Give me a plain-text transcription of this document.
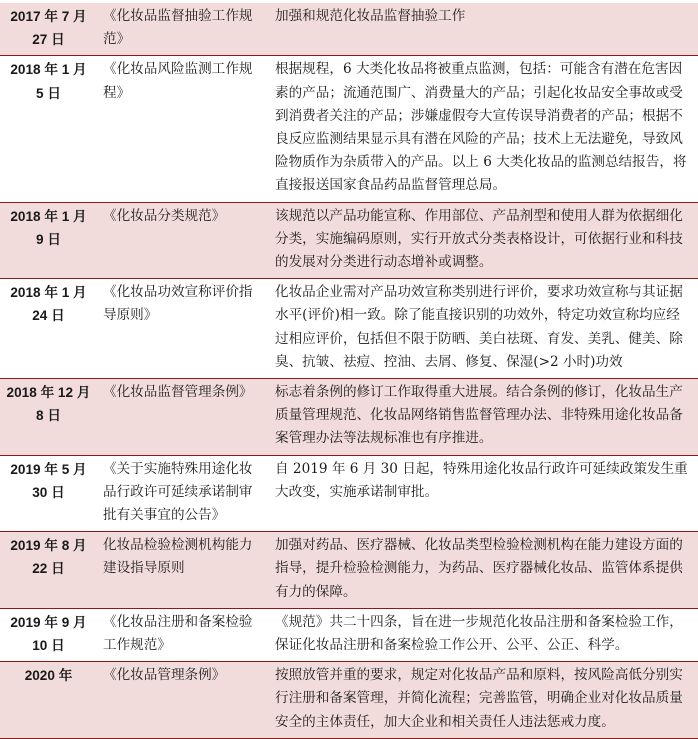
2017 年 7 月 27 日	《化妆品监督抽验工作规范》	加强和规范化妆品监督抽验工作

2018 年 1 月 5 日	《化妆品风险监测工作规程》	根据规程，6 大类化妆品将被重点监测，包括：可能含有潜在危害因素的产品；流通范围广、消费量大的产品；引起化妆品安全事故或受到消费者关注的产品；涉嫌虚假夸大宣传误导消费者的产品；根据不良反应监测结果显示具有潜在风险的产品；技术上无法避免，导致风险物质作为杂质带入的产品。以上 6 大类化妆品的监测总结报告，将直接报送国家食品药品监督管理总局。

2018 年 1 月 9 日	《化妆品分类规范》	该规范以产品功能宣称、作用部位、产品剂型和使用人群为依据细化分类，实施编码原则，实行开放式分类表格设计，可依据行业和科技的发展对分类进行动态增补或调整。

2018 年 1 月 24 日	《化妆品功效宣称评价指导原则》	化妆品企业需对产品功效宣称类别进行评价，要求功效宣称与其证据水平(评价)相一致。除了能直接识别的功效外，特定功效宣称均应经过相应评价，包括但不限于防晒、美白祛斑、育发、美乳、健美、除臭、抗皱、祛痘、控油、去屑、修复、保湿(>2 小时)功效

2018 年 12 月 8 日	《化妆品监督管理条例》	标志着条例的修订工作取得重大进展。结合条例的修订，化妆品生产质量管理规范、化妆品网络销售监督管理办法、非特殊用途化妆品备案管理办法等法规标准也有序推进。

2019 年 5 月 30 日	《关于实施特殊用途化妆品行政许可延续承诺制审批有关事宜的公告》	自 2019 年 6 月 30 日起，特殊用途化妆品行政许可延续政策发生重大改变，实施承诺制审批。

2019 年 8 月 22 日	化妆品检验检测机构能力建设指导原则	加强对药品、医疗器械、化妆品类型检验检测机构在能力建设方面的指导，提升检验检测能力，为药品、医疗器械化妆品、监管体系提供有力的保障。

2019 年 9 月 10 日	《化妆品注册和备案检验工作规范》	《规范》共二十四条，旨在进一步规范化妆品注册和备案检验工作，保证化妆品注册和备案检验工作公开、公平、公正、科学。

2020 年	《化妆品管理条例》	按照放管并重的要求，规定对化妆品产品和原料，按风险高低分别实行注册和备案管理，并简化流程；完善监管，明确企业对化妆品质量安全的主体责任，加大企业和相关责任人违法惩戒力度。
